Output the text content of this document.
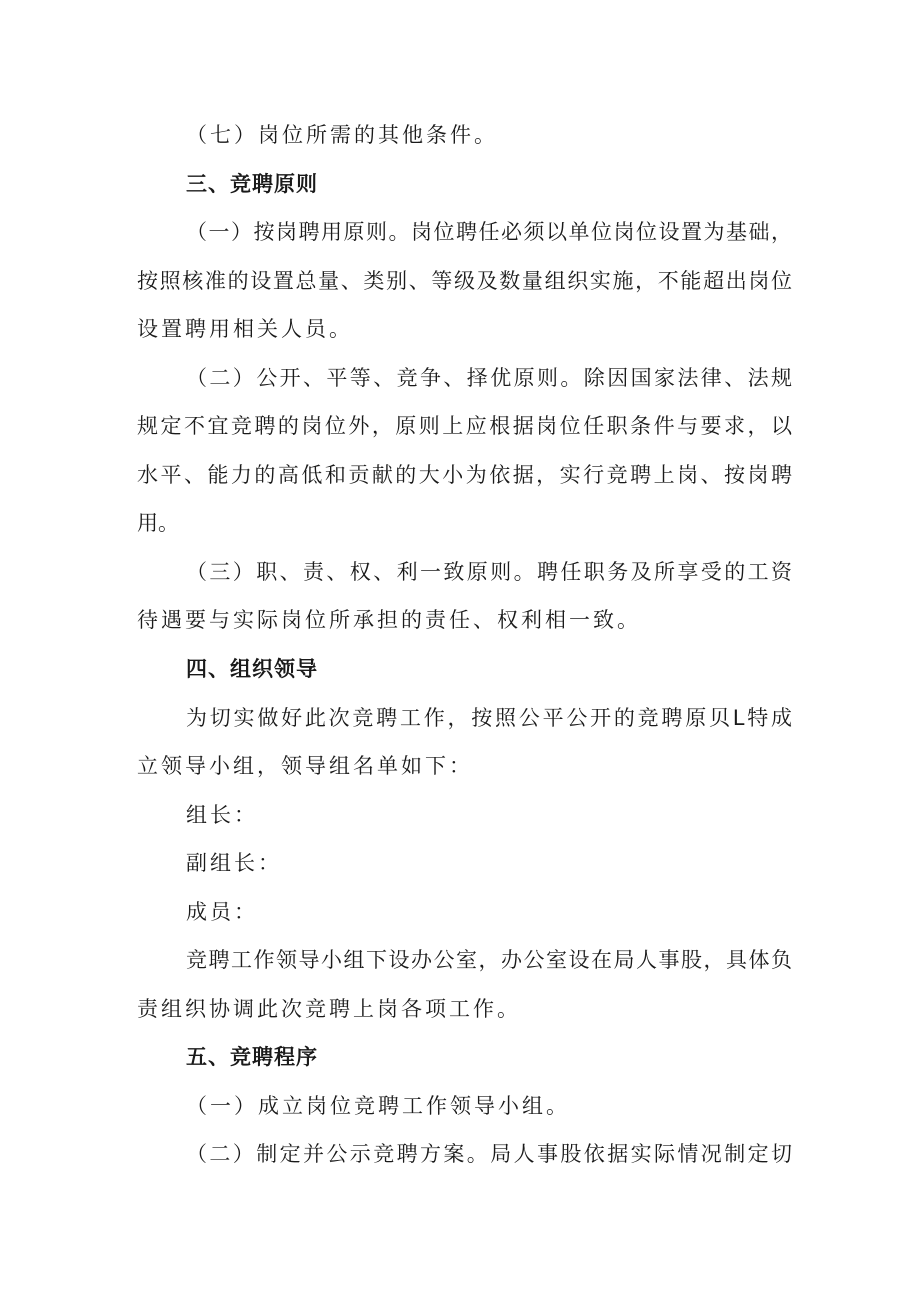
（七）岗位所需的其他条件。
三、竞聘原则
（一）按岗聘用原则。岗位聘任必须以单位岗位设置为基础，
按照核准的设置总量、类别、等级及数量组织实施，不能超出岗位
设置聘用相关人员。
（二）公开、平等、竞争、择优原则。除因国家法律、法规
规定不宜竞聘的岗位外，原则上应根据岗位任职条件与要求，以
水平、能力的高低和贡献的大小为依据，实行竞聘上岗、按岗聘
用。
（三）职、责、权、利一致原则。聘任职务及所享受的工资
待遇要与实际岗位所承担的责任、权利相一致。
四、组织领导
为切实做好此次竞聘工作，按照公平公开的竞聘原贝L特成
立领导小组，领导组名单如下：
组长：
副组长：
成员：
竞聘工作领导小组下设办公室，办公室设在局人事股，具体负
责组织协调此次竞聘上岗各项工作。
五、竞聘程序
（一）成立岗位竞聘工作领导小组。
（二）制定并公示竞聘方案。局人事股依据实际情况制定切
